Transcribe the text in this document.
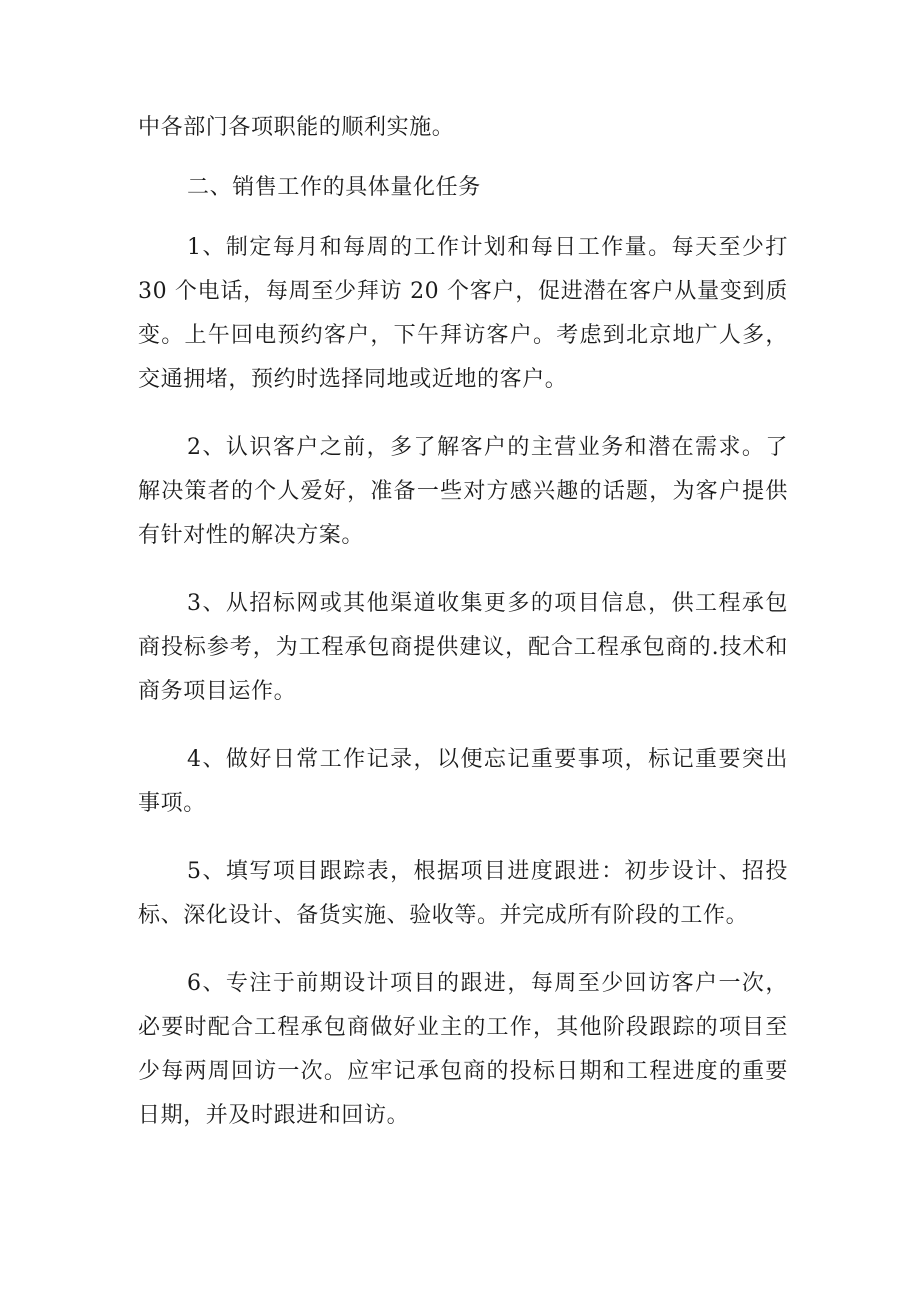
中各部门各项职能的顺利实施。

二、销售工作的具体量化任务

1、制定每月和每周的工作计划和每日工作量。每天至少打 30 个电话，每周至少拜访 20 个客户，促进潜在客户从量变到质变。上午回电预约客户，下午拜访客户。考虑到北京地广人多，交通拥堵，预约时选择同地或近地的客户。

2、认识客户之前，多了解客户的主营业务和潜在需求。了解决策者的个人爱好，准备一些对方感兴趣的话题，为客户提供有针对性的解决方案。

3、从招标网或其他渠道收集更多的项目信息，供工程承包商投标参考，为工程承包商提供建议，配合工程承包商的.技术和商务项目运作。

4、做好日常工作记录，以便忘记重要事项，标记重要突出事项。

5、填写项目跟踪表，根据项目进度跟进：初步设计、招投标、深化设计、备货实施、验收等。并完成所有阶段的工作。

6、专注于前期设计项目的跟进，每周至少回访客户一次，必要时配合工程承包商做好业主的工作，其他阶段跟踪的项目至少每两周回访一次。应牢记承包商的投标日期和工程进度的重要日期，并及时跟进和回访。
